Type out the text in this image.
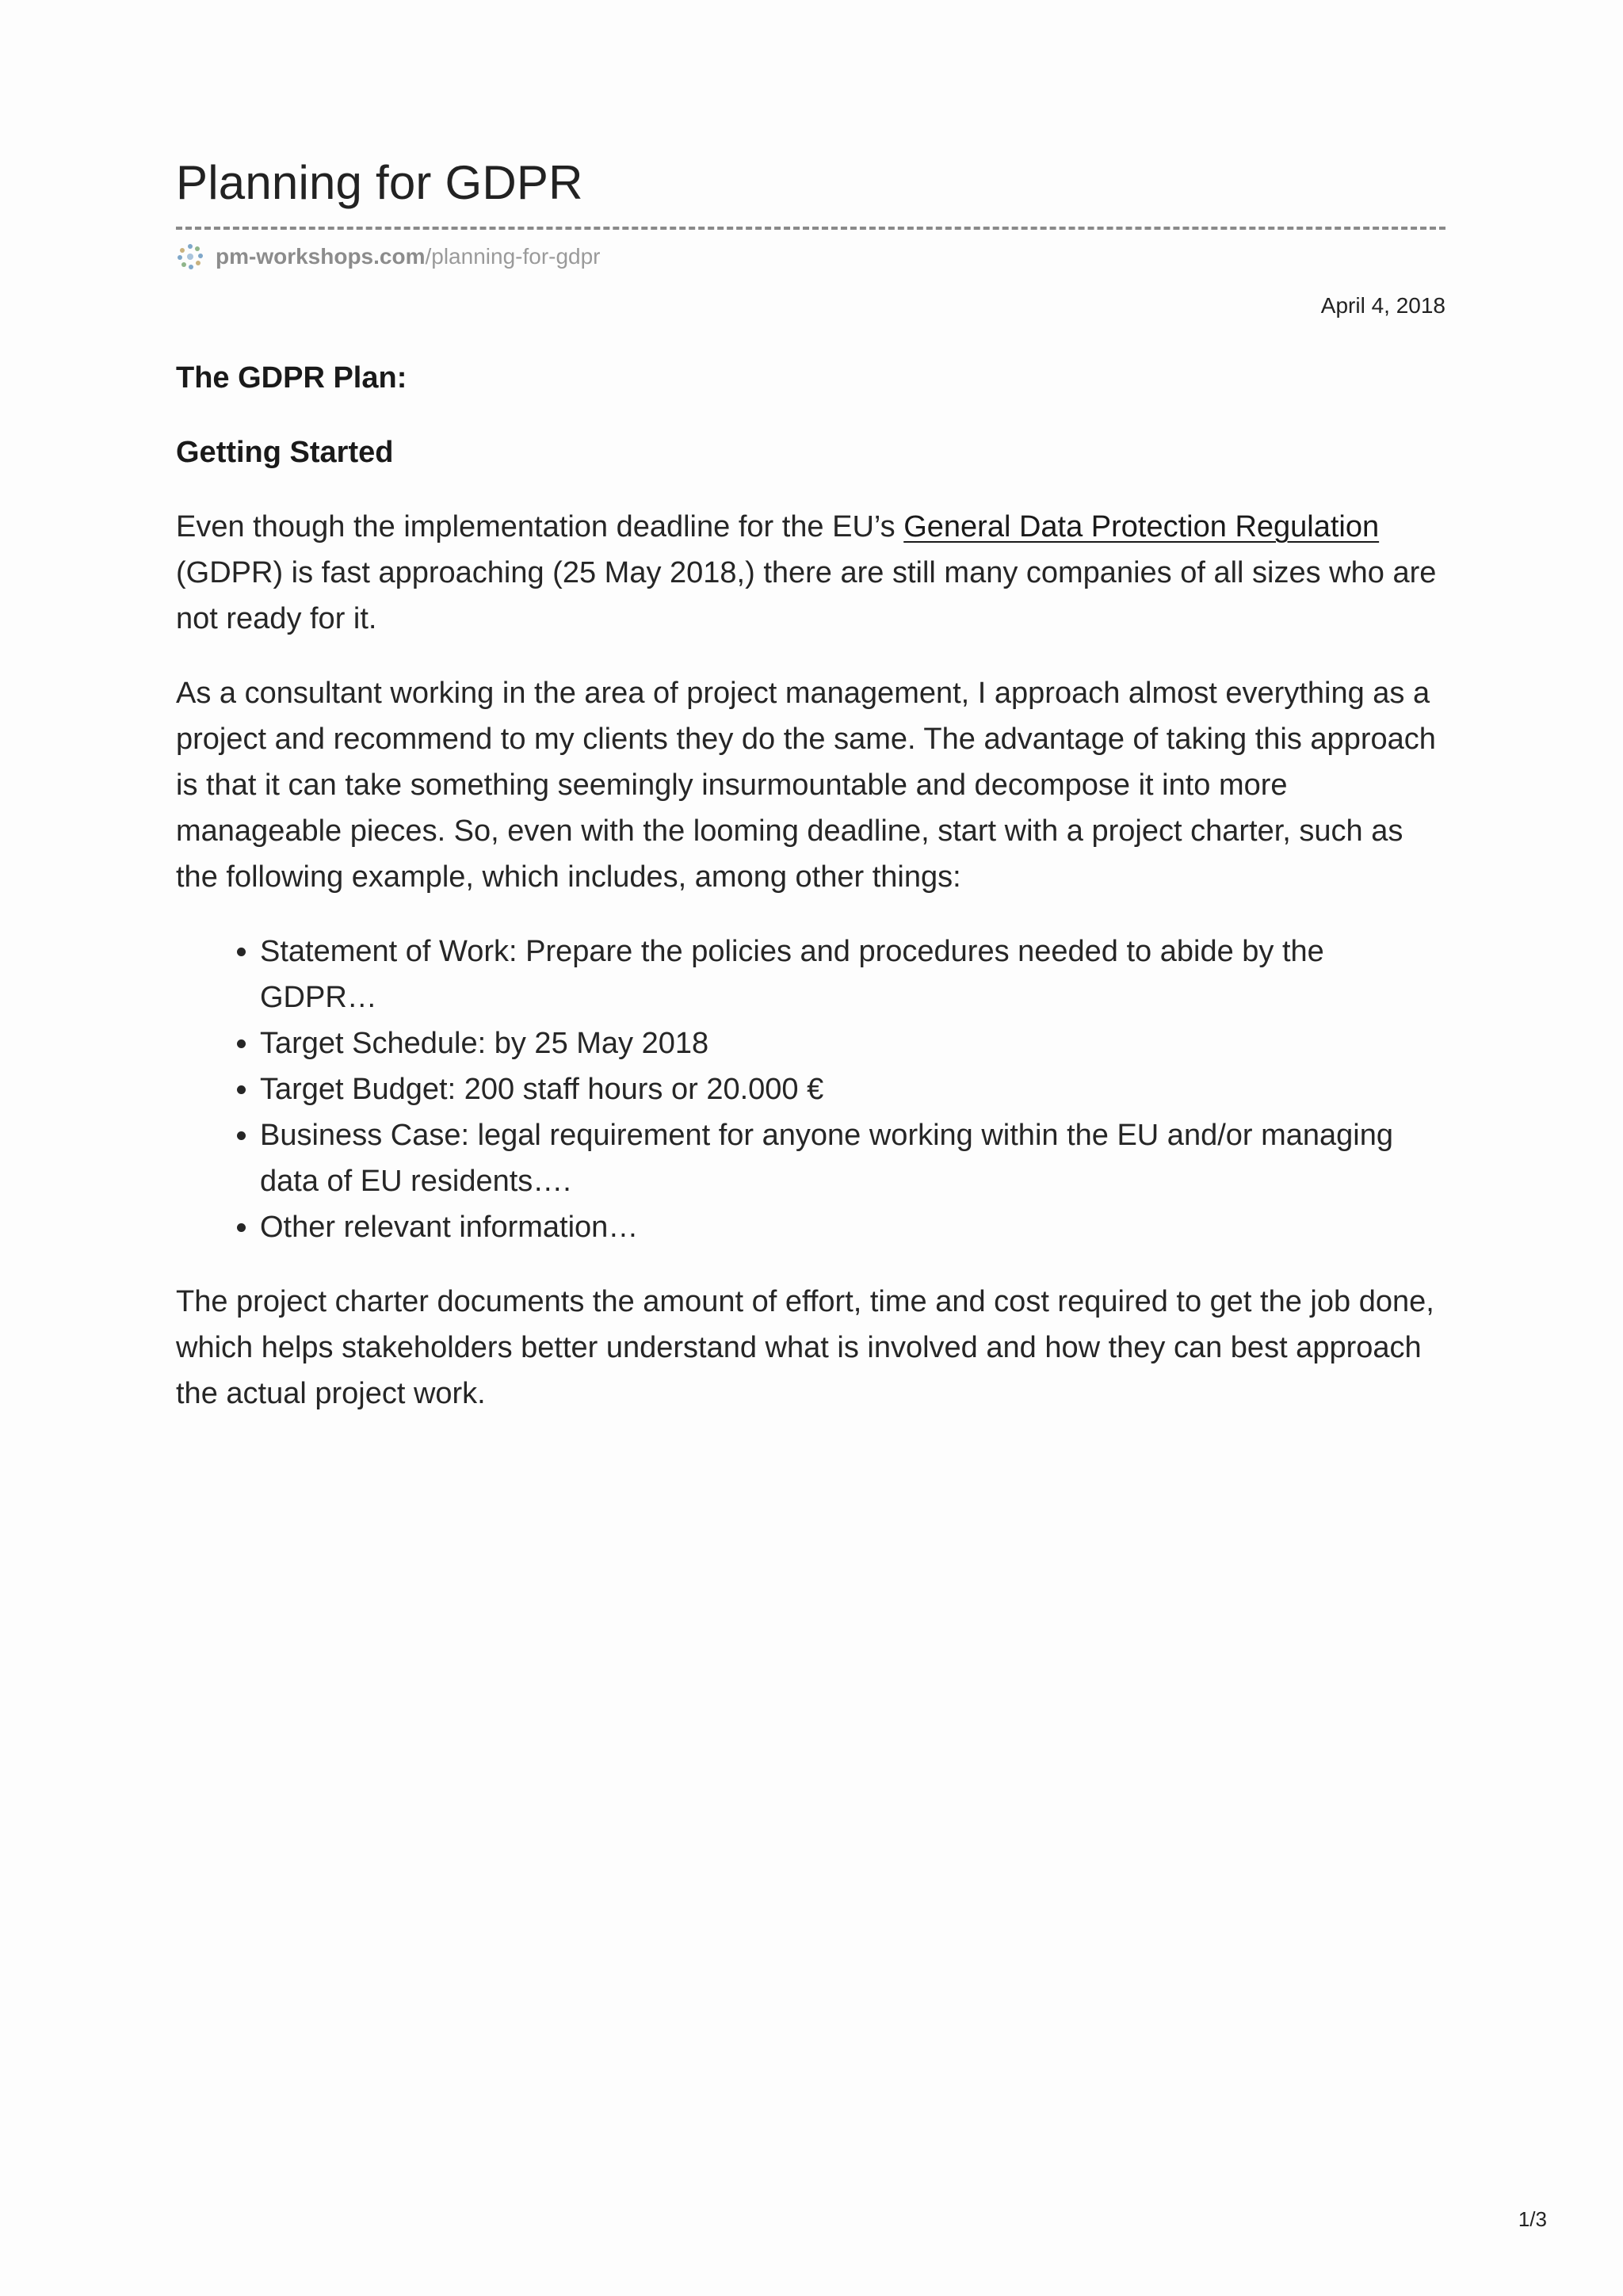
Planning for GDPR
pm-workshops.com /planning-for-gdpr
April 4, 2018

The GDPR Plan:

Getting Started

Even though the implementation deadline for the EU’s General Data Protection Regulation (GDPR) is fast approaching (25 May 2018,) there are still many companies of all sizes who are not ready for it.

As a consultant working in the area of project management, I approach almost everything as a project and recommend to my clients they do the same. The advantage of taking this approach is that it can take something seemingly insurmountable and decompose it into more manageable pieces. So, even with the looming deadline, start with a project charter, such as the following example, which includes, among other things:

• Statement of Work: Prepare the policies and procedures needed to abide by the GDPR…
• Target Schedule: by 25 May 2018
• Target Budget: 200 staff hours or 20.000 €
• Business Case: legal requirement for anyone working within the EU and/or managing data of EU residents….
• Other relevant information…

The project charter documents the amount of effort, time and cost required to get the job done, which helps stakeholders better understand what is involved and how they can best approach the actual project work.

1/3
